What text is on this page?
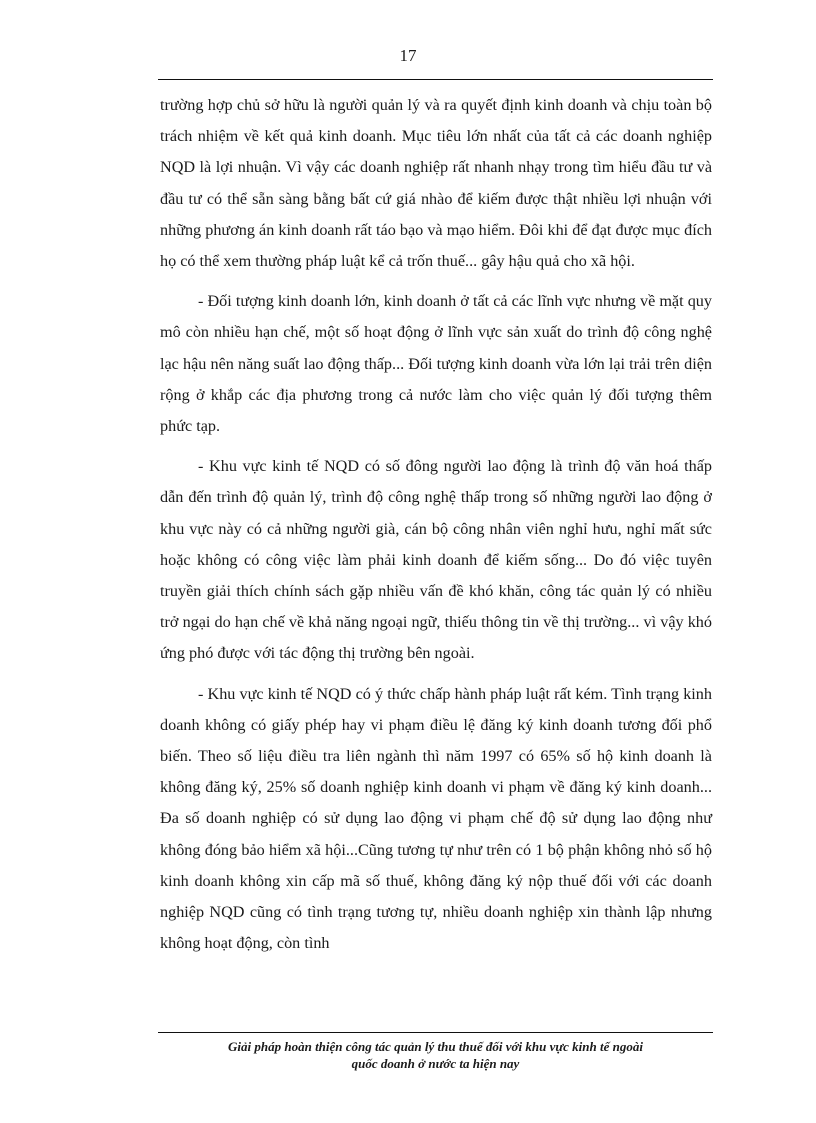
17

trường hợp chủ sở hữu là người quản lý và ra quyết định kinh doanh và chịu toàn bộ trách nhiệm về kết quả kinh doanh. Mục tiêu lớn nhất của tất cả các doanh nghiệp NQD là lợi nhuận. Vì vậy các doanh nghiệp rất nhanh nhạy trong tìm hiểu đầu tư và đầu tư có thể sẵn sàng bằng bất cứ giá nhào để kiếm được thật nhiều lợi nhuận với những phương án kinh doanh rất táo bạo và mạo hiểm. Đôi khi để đạt được mục đích họ có thể xem thường pháp luật kể cả trốn thuế... gây hậu quả cho xã hội.

- Đối tượng kinh doanh lớn, kinh doanh ở tất cả các lĩnh vực nhưng về mặt quy mô còn nhiều hạn chế, một số hoạt động ở lĩnh vực sản xuất do trình độ công nghệ lạc hậu nên năng suất lao động thấp... Đối tượng kinh doanh vừa lớn lại trải trên diện rộng ở khắp các địa phương trong cả nước làm cho việc quản lý đối tượng thêm phức tạp.

- Khu vực kinh tế NQD có số đông người lao động là trình độ văn hoá thấp dẫn đến trình độ quản lý, trình độ công nghệ thấp trong số những người lao động ở khu vực này có cả những người già, cán bộ công nhân viên nghỉ hưu, nghỉ mất sức hoặc không có công việc làm phải kinh doanh để kiếm sống... Do đó việc tuyên truyền giải thích chính sách gặp nhiều vấn đề khó khăn, công tác quản lý có nhiều trở ngại do hạn chế về khả năng ngoại ngữ, thiếu thông tin về thị trường... vì vậy khó ứng phó được với tác động thị trường bên ngoài.

- Khu vực kinh tế NQD có ý thức chấp hành pháp luật rất kém. Tình trạng kinh doanh không có giấy phép hay vi phạm điều lệ đăng ký kinh doanh tương đối phổ biến. Theo số liệu điều tra liên ngành thì năm 1997 có 65% số hộ kinh doanh là không đăng ký, 25% số doanh nghiệp kinh doanh vi phạm về đăng ký kinh doanh... Đa số doanh nghiệp có sử dụng lao động vi phạm chế độ sử dụng lao động như không đóng bảo hiểm xã hội...Cũng tương tự như trên có 1 bộ phận không nhỏ số hộ kinh doanh không xin cấp mã số thuế, không đăng ký nộp thuế đối với các doanh nghiệp NQD cũng có tình trạng tương tự, nhiều doanh nghiệp xin thành lập nhưng không hoạt động, còn tình

Giải pháp hoàn thiện công tác quản lý thu thuế đối với khu vực kinh tế ngoài
quốc doanh ở nước ta hiện nay
